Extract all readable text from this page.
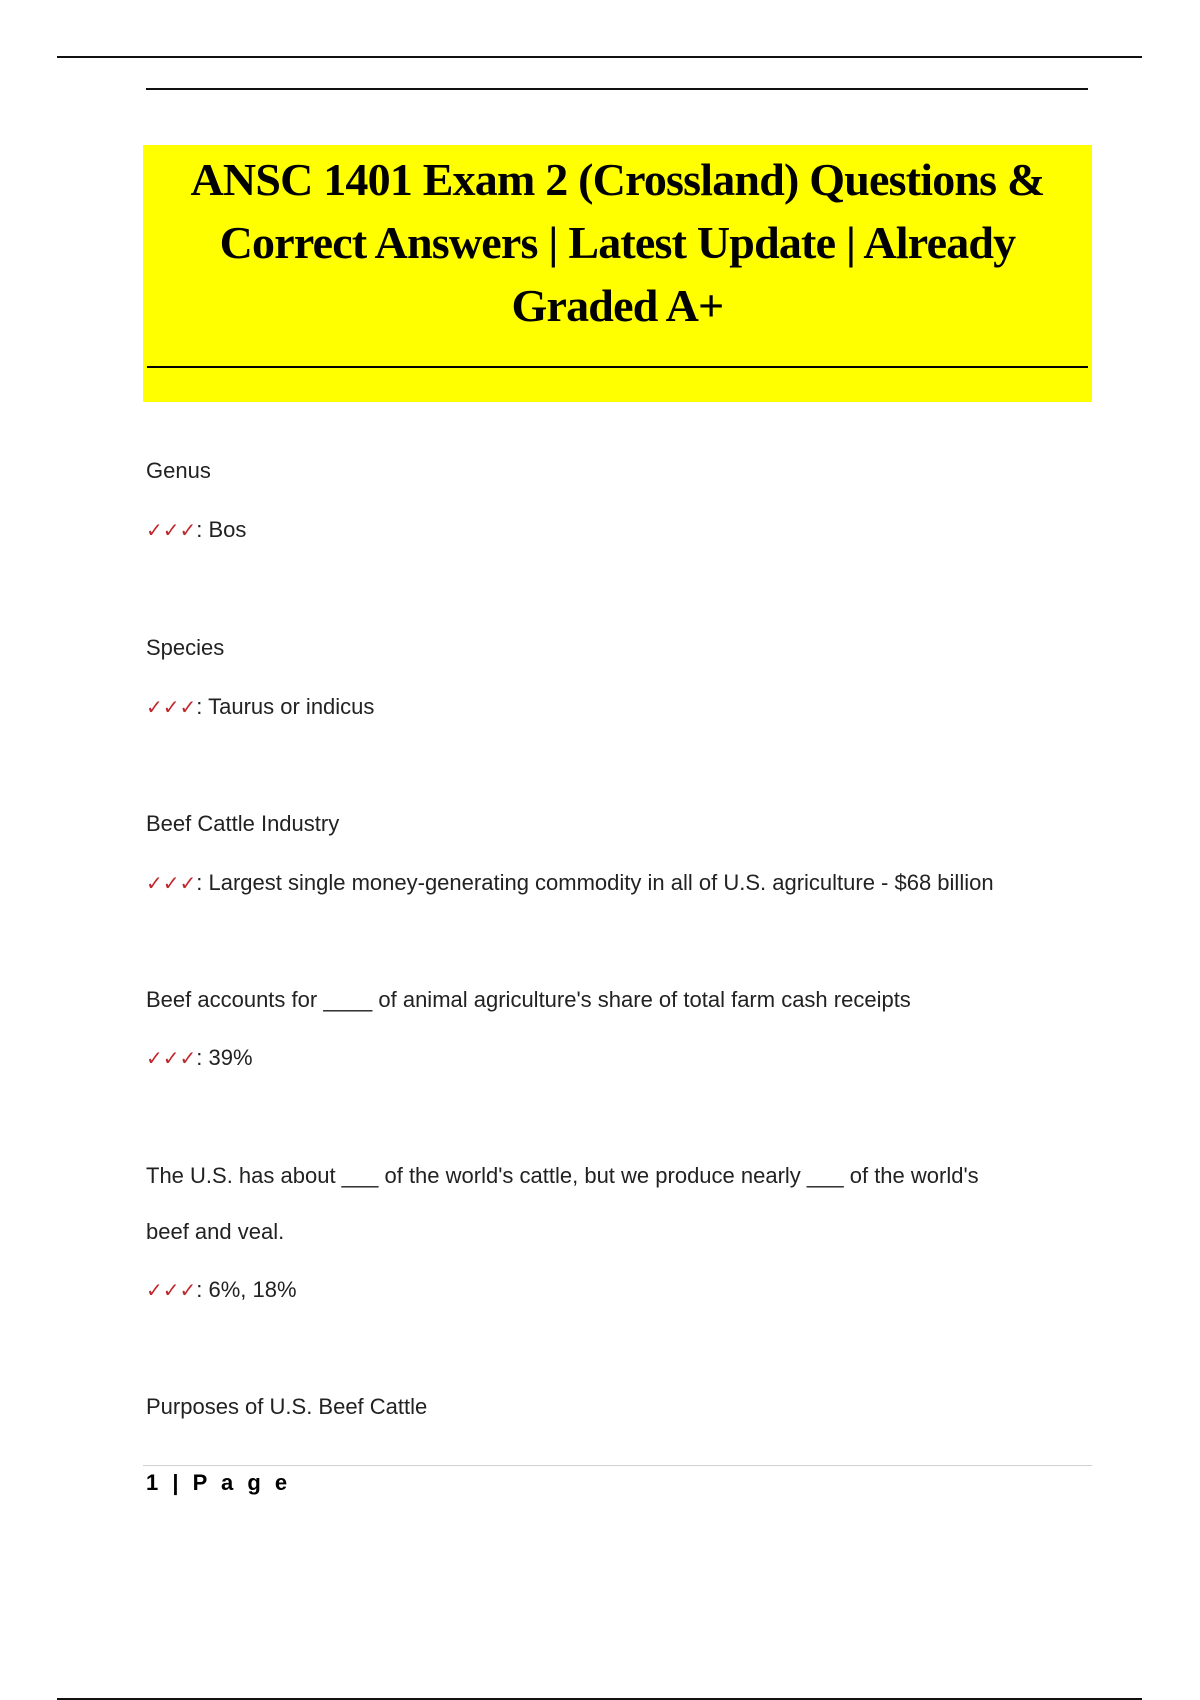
ANSC 1401 Exam 2 (Crossland) Questions & Correct Answers | Latest Update | Already Graded A+
Genus
✓✓✓: Bos
Species
✓✓✓: Taurus or indicus
Beef Cattle Industry
✓✓✓: Largest single money-generating commodity in all of U.S. agriculture - $68 billion
Beef accounts for ____ of animal agriculture's share of total farm cash receipts
✓✓✓: 39%
The U.S. has about ___ of the world's cattle, but we produce nearly ___ of the world's
beef and veal.
✓✓✓: 6%, 18%
Purposes of U.S. Beef Cattle
1 | P a g e
